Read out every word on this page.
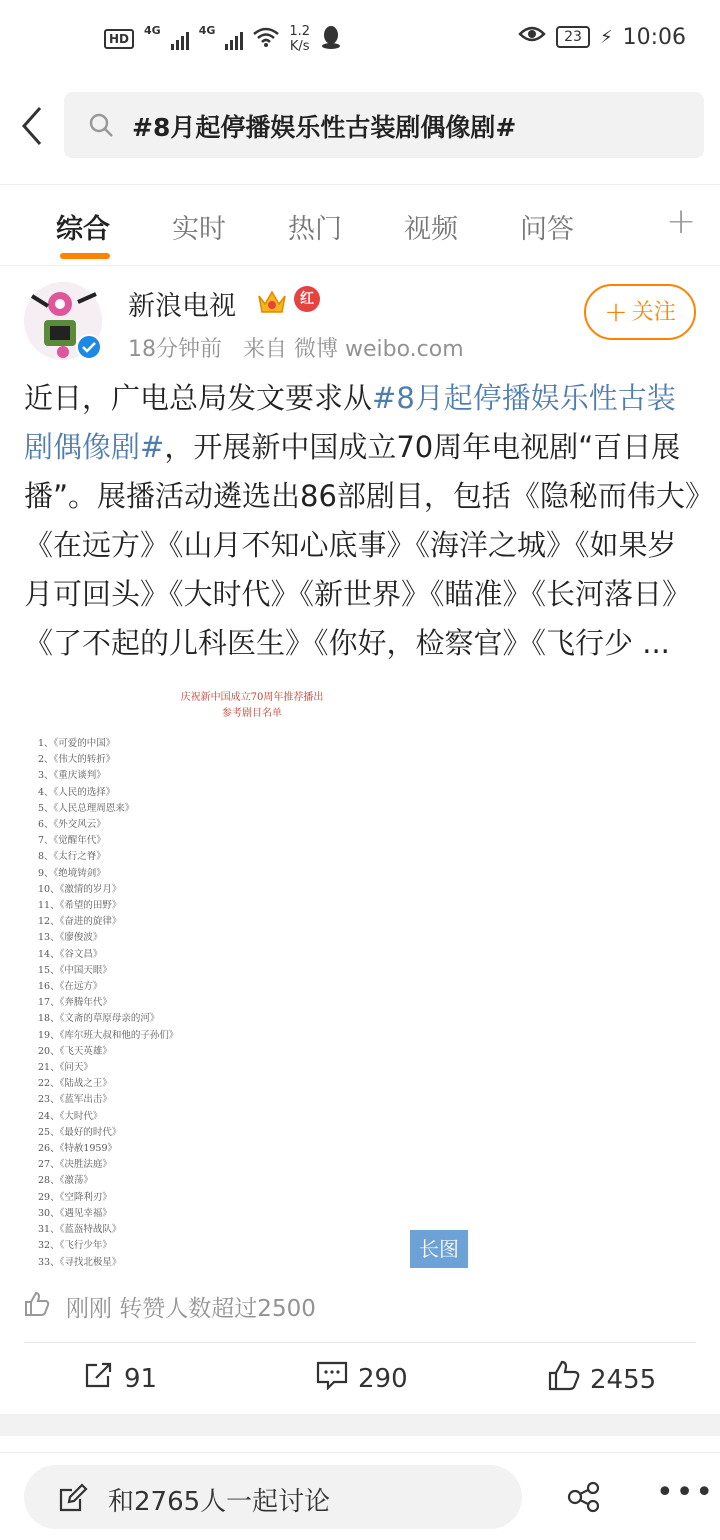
HD
4G	4G	1.2
K/s
23	⚡ 10:06
#8月起停播娱乐性古装剧偶像剧#
综合 实时 热门 视频 问答	+
新浪电视	红
18分钟前 来自 微博 weibo.com
+ 关注
近日，广电总局发文要求从#8月起停播娱乐性古装剧偶像剧#，开展新中国成立70周年电视剧“百日展播”。展播活动遴选出86部剧目，包括《隐秘而伟大》《在远方》《山月不知心底事》《海洋之城》《如果岁月可回头》《大时代》《新世界》《瞄准》《长河落日》《了不起的儿科医生》《你好，检察官》《飞行少 ...
庆祝新中国成立70周年推荐播出
参考剧目名单
1、《可爱的中国》
2、《伟大的转折》
3、《重庆谈判》
4、《人民的选择》
5、《人民总理周恩来》
6、《外交风云》
7、《觉醒年代》
8、《太行之脊》
9、《绝境铸剑》
10、《激情的岁月》
11、《希望的田野》
12、《奋进的旋律》
13、《廖俊波》
14、《谷文昌》
15、《中国天眼》
16、《在远方》
17、《奔腾年代》
18、《文斋的草原母亲的河》
19、《库尔班大叔和他的子孙们》
20、《飞天英雄》
21、《问天》
22、《陆战之王》
23、《蓝军出击》
24、《大时代》
25、《最好的时代》
26、《特赦1959》
27、《决胜法庭》
28、《激荡》
29、《空降利刃》
30、《遇见幸福》
31、《蓝盔特战队》
32、《飞行少年》
33、《寻找北极星》
长图
刚刚 转赞人数超过2500
91	290	2455
和2765人一起讨论	•••
